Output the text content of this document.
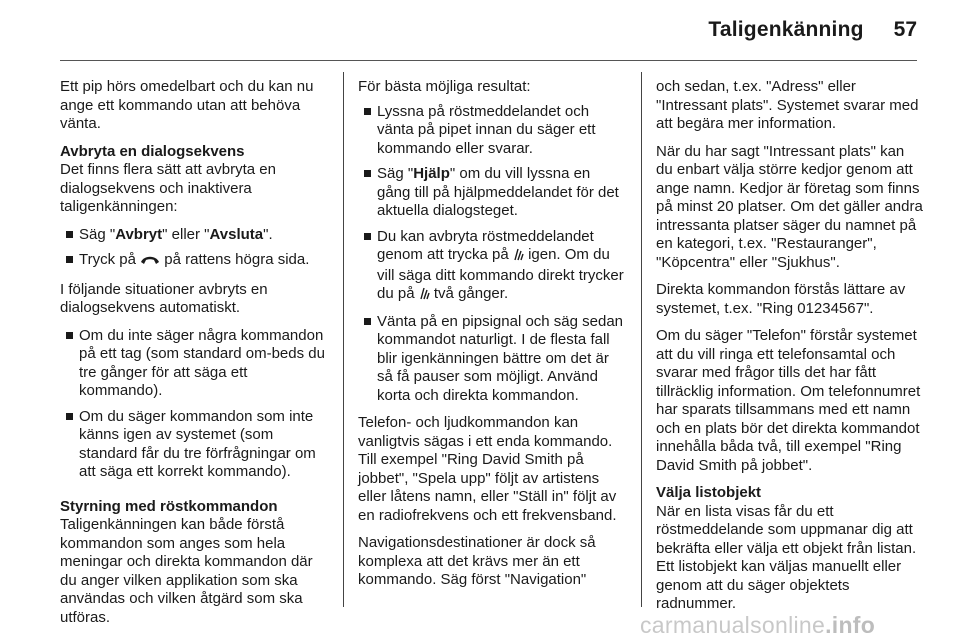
Taligenkänning 57

Ett pip hörs omedelbart och du kan nu ange ett kommando utan att behöva vänta.

Avbryta en dialogsekvens

Det finns flera sätt att avbryta en dialogsekvens och inaktivera taligenkänningen:

Säg "Avbryt" eller "Avsluta".
Tryck på  på rattens högra sida.

I följande situationer avbryts en dialogsekvens automatiskt.

Om du inte säger några kommandon på ett tag (som standard om-beds du tre gånger för att säga ett kommando).
Om du säger kommandon som inte känns igen av systemet (som standard får du tre förfrågningar om att säga ett korrekt kommando).

Styrning med röstkommandon

Taligenkänningen kan både förstå kommandon som anges som hela meningar och direkta kommandon där du anger vilken applikation som ska användas och vilken åtgärd som ska utföras.

För bästa möjliga resultat:

Lyssna på röstmeddelandet och vänta på pipet innan du säger ett kommando eller svarar.
Säg "Hjälp" om du vill lyssna en gång till på hjälpmeddelandet för det aktuella dialogsteget.
Du kan avbryta röstmeddelandet genom att trycka på  igen. Om du vill säga ditt kommando direkt trycker du på  två gånger.
Vänta på en pipsignal och säg sedan kommandot naturligt. I de flesta fall blir igenkänningen bättre om det är så få pauser som möjligt. Använd korta och direkta kommandon.

Telefon- och ljudkommandon kan vanligtvis sägas i ett enda kommando. Till exempel "Ring David Smith på jobbet", "Spela upp" följt av artistens eller låtens namn, eller "Ställ in" följt av en radiofrekvens och ett frekvensband.

Navigationsdestinationer är dock så komplexa att det krävs mer än ett kommando. Säg först "Navigation"

och sedan, t.ex. "Adress" eller "Intressant plats". Systemet svarar med att begära mer information.

När du har sagt "Intressant plats" kan du enbart välja större kedjor genom att ange namn. Kedjor är företag som finns på minst 20 platser. Om det gäller andra intressanta platser säger du namnet på en kategori, t.ex. "Restauranger", "Köpcentra" eller "Sjukhus".

Direkta kommandon förstås lättare av systemet, t.ex. "Ring 01234567".

Om du säger "Telefon" förstår systemet att du vill ringa ett telefonsamtal och svarar med frågor tills det har fått tillräcklig information. Om telefonnumret har sparats tillsammans med ett namn och en plats bör det direkta kommandot innehålla båda två, till exempel "Ring David Smith på jobbet".

Välja listobjekt

När en lista visas får du ett röstmeddelande som uppmanar dig att bekräfta eller välja ett objekt från listan. Ett listobjekt kan väljas manuellt eller genom att du säger objektets radnummer.

carmanualsonline.info
